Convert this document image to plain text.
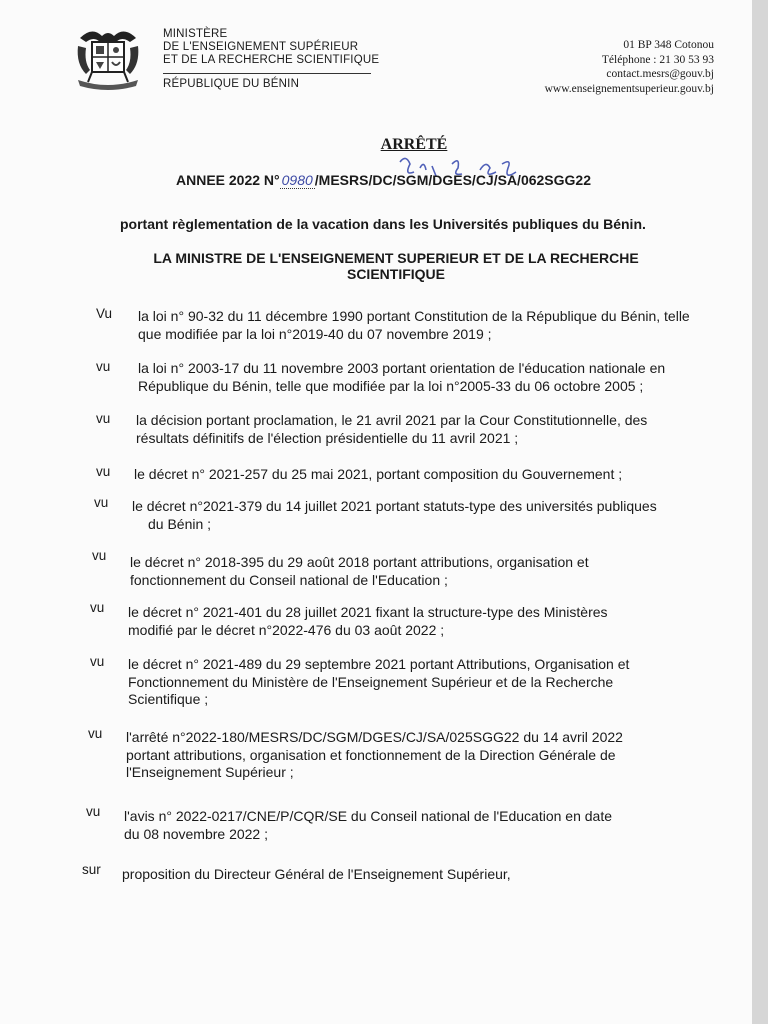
MINISTÈRE
DE L'ENSEIGNEMENT SUPÉRIEUR
ET DE LA RECHERCHE SCIENTIFIQUE
RÉPUBLIQUE DU BÉNIN
01 BP 348 Cotonou
Téléphone : 21 30 53 93
contact.mesrs@gouv.bj
www.enseignementsuperieur.gouv.bj
ARRÊTÉ
ANNEE 2022 N° 0980 /MESRS/DC/SGM/DGES/CJ/SA/062SGG22
portant règlementation de la vacation dans les Universités publiques du Bénin.
LA MINISTRE DE L'ENSEIGNEMENT SUPERIEUR ET DE LA RECHERCHE
SCIENTIFIQUE
Vu la loi n° 90-32 du 11 décembre 1990 portant Constitution de la République du Bénin, telle
que modifiée par la loi n°2019-40 du 07 novembre 2019 ;
vu la loi n° 2003-17 du 11 novembre 2003 portant orientation de l'éducation nationale en
République du Bénin, telle que modifiée par la loi n°2005-33 du 06 octobre 2005 ;
vu la décision portant proclamation, le 21 avril 2021 par la Cour Constitutionnelle, des
résultats définitifs de l'élection présidentielle du 11 avril 2021 ;
vu le décret n° 2021-257 du 25 mai 2021, portant composition du Gouvernement ;
vu le décret n°2021-379 du 14 juillet 2021 portant statuts-type des universités publiques
du Bénin ;
vu le décret n° 2018-395 du 29 août 2018 portant attributions, organisation et
fonctionnement du Conseil national de l'Education ;
vu le décret n° 2021-401 du 28 juillet 2021 fixant la structure-type des Ministères
modifié par le décret n°2022-476 du 03 août 2022 ;
vu le décret n° 2021-489 du 29 septembre 2021 portant Attributions, Organisation et
Fonctionnement du Ministère de l'Enseignement Supérieur et de la Recherche
Scientifique ;
vu l'arrêté n°2022-180/MESRS/DC/SGM/DGES/CJ/SA/025SGG22 du 14 avril 2022
portant attributions, organisation et fonctionnement de la Direction Générale de
l'Enseignement Supérieur ;
vu l'avis n° 2022-0217/CNE/P/CQR/SE du Conseil national de l'Education en date
du 08 novembre 2022 ;
sur proposition du Directeur Général de l'Enseignement Supérieur,
